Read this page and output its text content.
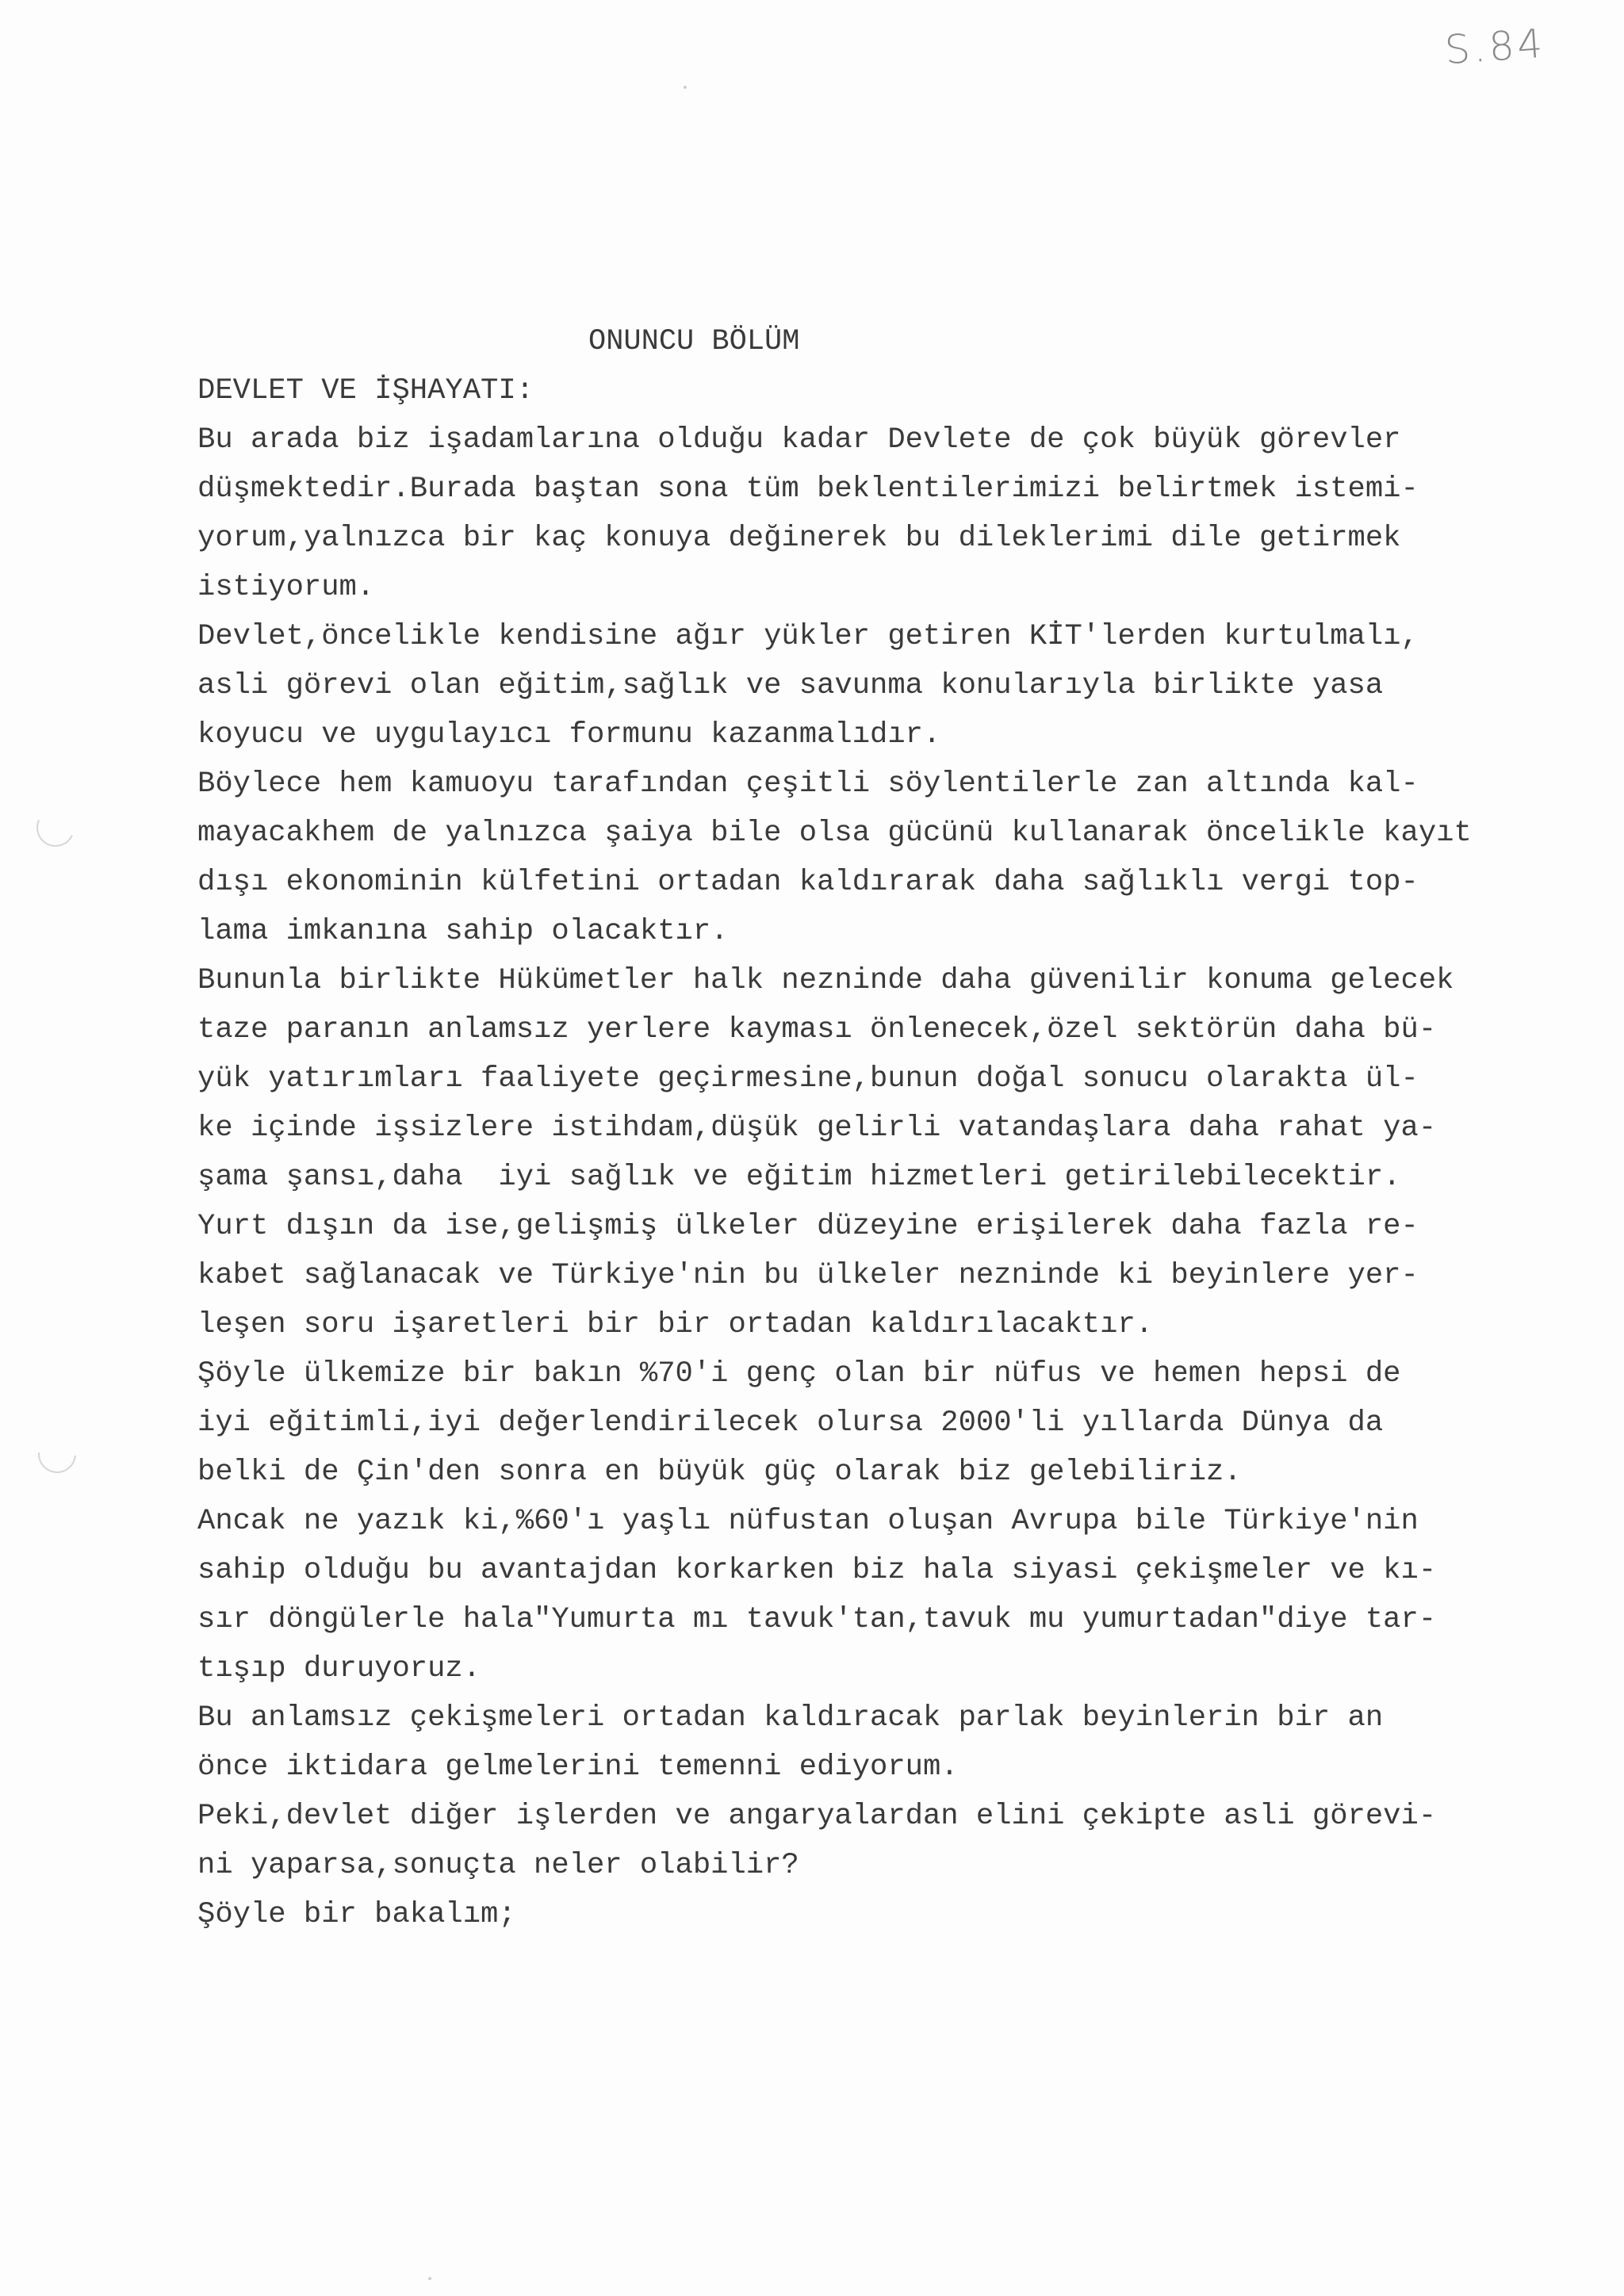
S.84
ONUNCU BÖLÜM
DEVLET VE İŞHAYATI:
Bu arada biz işadamlarına olduğu kadar Devlete de çok büyük görevler
düşmektedir.Burada baştan sona tüm beklentilerimizi belirtmek istemi-
yorum,yalnızca bir kaç konuya değinerek bu dileklerimi dile getirmek
istiyorum.
Devlet,öncelikle kendisine ağır yükler getiren KİT'lerden kurtulmalı,
asli görevi olan eğitim,sağlık ve savunma konularıyla birlikte yasa
koyucu ve uygulayıcı formunu kazanmalıdır.
Böylece hem kamuoyu tarafından çeşitli söylentilerle zan altında kal-
mayacakhem de yalnızca şaiya bile olsa gücünü kullanarak öncelikle kayıt
dışı ekonominin külfetini ortadan kaldırarak daha sağlıklı vergi top-
lama imkanına sahip olacaktır.
Bununla birlikte Hükümetler halk nezninde daha güvenilir konuma gelecek
taze paranın anlamsız yerlere kayması önlenecek,özel sektörün daha bü-
yük yatırımları faaliyete geçirmesine,bunun doğal sonucu olarakta ül-
ke içinde işsizlere istihdam,düşük gelirli vatandaşlara daha rahat ya-
şama şansı,daha  iyi sağlık ve eğitim hizmetleri getirilebilecektir.
Yurt dışın da ise,gelişmiş ülkeler düzeyine erişilerek daha fazla re-
kabet sağlanacak ve Türkiye'nin bu ülkeler nezninde ki beyinlere yer-
leşen soru işaretleri bir bir ortadan kaldırılacaktır.
Şöyle ülkemize bir bakın %70'i genç olan bir nüfus ve hemen hepsi de
iyi eğitimli,iyi değerlendirilecek olursa 2000'li yıllarda Dünya da
belki de Çin'den sonra en büyük güç olarak biz gelebiliriz.
Ancak ne yazık ki,%60'ı yaşlı nüfustan oluşan Avrupa bile Türkiye'nin
sahip olduğu bu avantajdan korkarken biz hala siyasi çekişmeler ve kı-
sır döngülerle hala"Yumurta mı tavuk'tan,tavuk mu yumurtadan"diye tar-
tışıp duruyoruz.
Bu anlamsız çekişmeleri ortadan kaldıracak parlak beyinlerin bir an
önce iktidara gelmelerini temenni ediyorum.
Peki,devlet diğer işlerden ve angaryalardan elini çekipte asli görevi-
ni yaparsa,sonuçta neler olabilir?
Şöyle bir bakalım;
